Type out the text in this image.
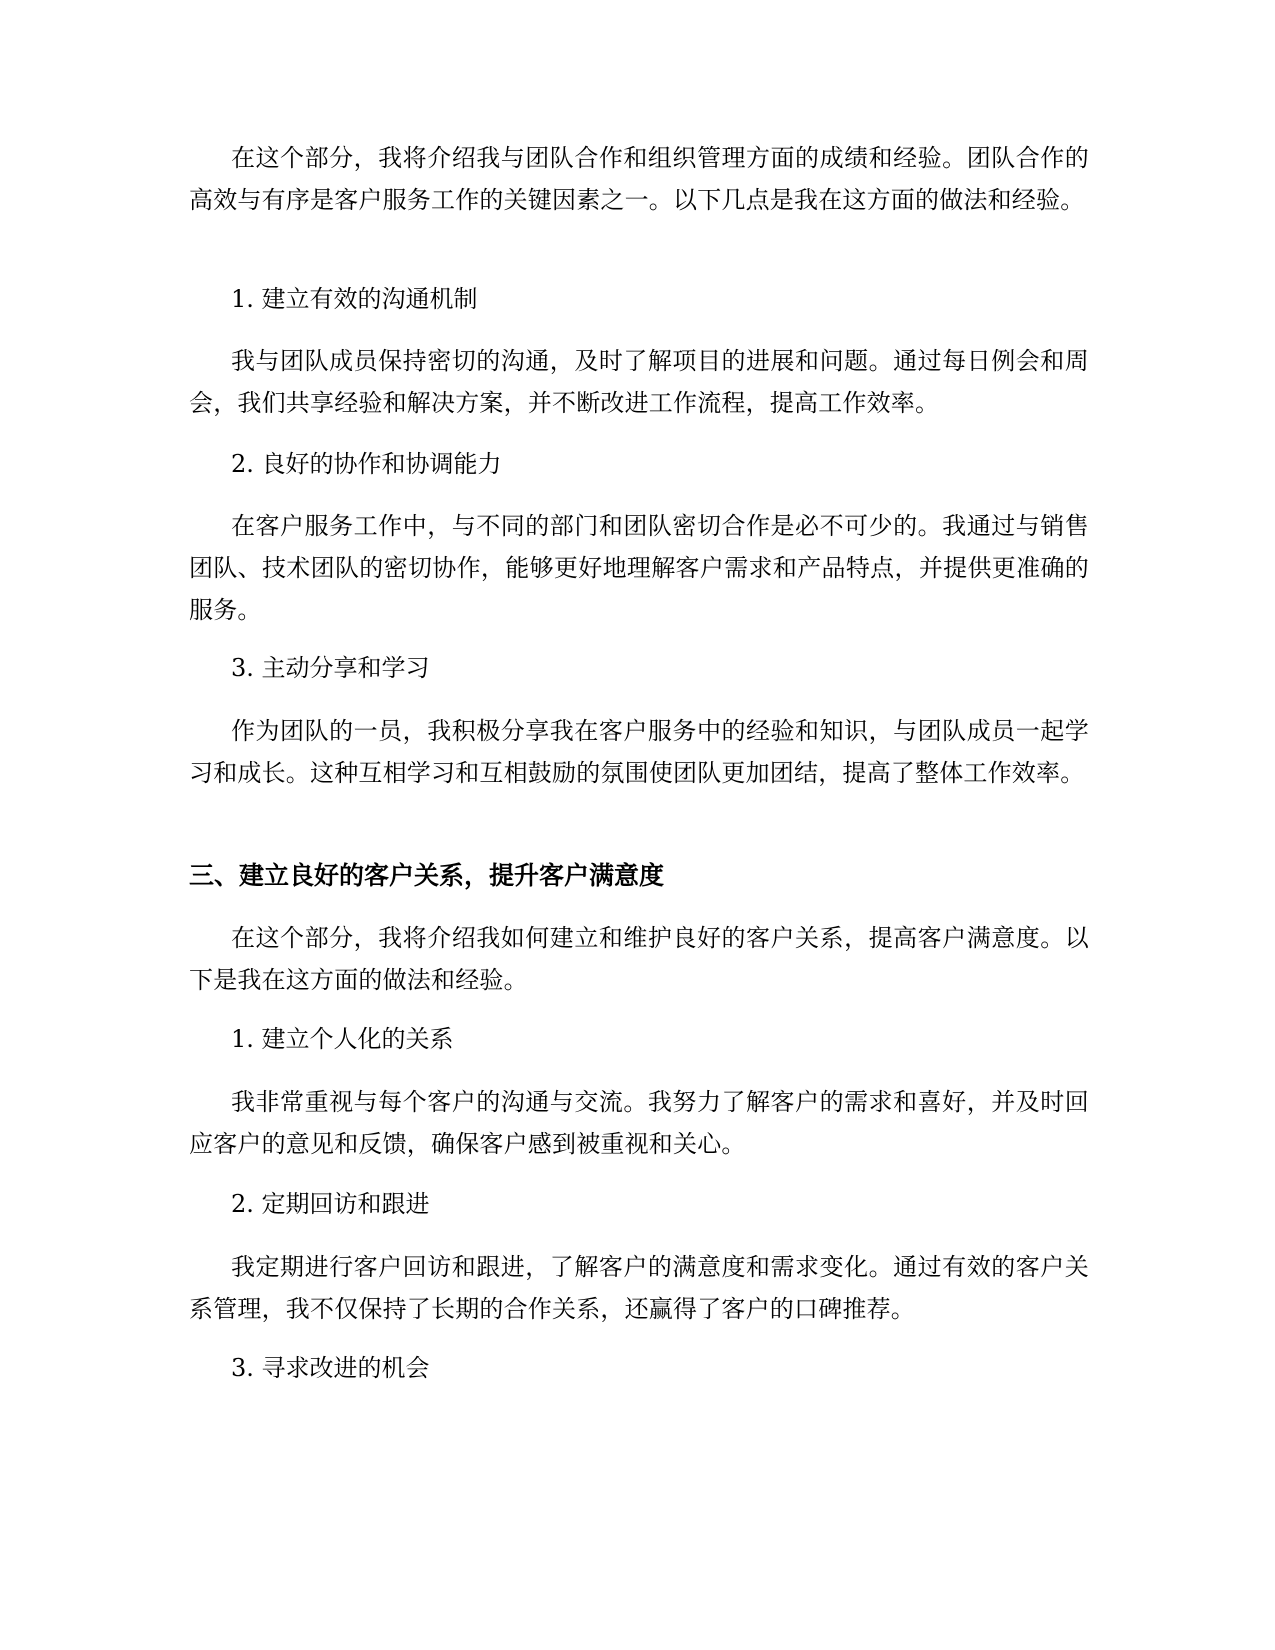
在这个部分，我将介绍我与团队合作和组织管理方面的成绩和经验。团队合作的高效与有序是客户服务工作的关键因素之一。以下几点是我在这方面的做法和经验。

1. 建立有效的沟通机制

我与团队成员保持密切的沟通，及时了解项目的进展和问题。通过每日例会和周会，我们共享经验和解决方案，并不断改进工作流程，提高工作效率。

2. 良好的协作和协调能力

在客户服务工作中，与不同的部门和团队密切合作是必不可少的。我通过与销售团队、技术团队的密切协作，能够更好地理解客户需求和产品特点，并提供更准确的服务。

3. 主动分享和学习

作为团队的一员，我积极分享我在客户服务中的经验和知识，与团队成员一起学习和成长。这种互相学习和互相鼓励的氛围使团队更加团结，提高了整体工作效率。

三、建立良好的客户关系，提升客户满意度

在这个部分，我将介绍我如何建立和维护良好的客户关系，提高客户满意度。以下是我在这方面的做法和经验。

1. 建立个人化的关系

我非常重视与每个客户的沟通与交流。我努力了解客户的需求和喜好，并及时回应客户的意见和反馈，确保客户感到被重视和关心。

2. 定期回访和跟进

我定期进行客户回访和跟进，了解客户的满意度和需求变化。通过有效的客户关系管理，我不仅保持了长期的合作关系，还赢得了客户的口碑推荐。

3. 寻求改进的机会
